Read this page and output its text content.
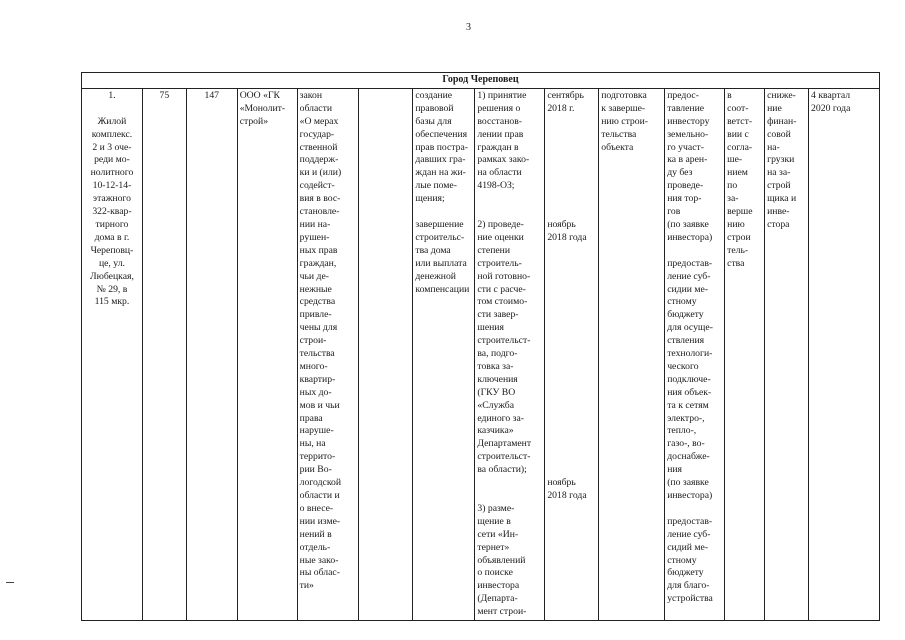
3
Город Череповец
1.

Жилой
комплекс.
2 и 3 оче-
реди мо-
нолитного
10-12-14-
этажного
322-квар-
тирного
дома в г.
Череповц-
це, ул.
Любецкая,
№ 29, в
115 мкр.	75	147	ООО «ГК
«Монолит-
строй»	закон
области
«О мерах
государ-
ственной
поддерж-
ки и (или)
содейст-
вия в вос-
становле-
нии на-
рушен-
ных прав
граждан,
чьи де-
нежные
средства
привле-
чены для
строи-
тельства
много-
квартир-
ных до-
мов и чьи
права
наруше-
ны, на
террито-
рии Во-
логодской
области и
о внесе-
нии изме-
нений в
отдель-
ные зако-
ны облас-
ти»		создание
правовой
базы для
обеспечения
прав постра-
давших гра-
ждан на жи-
лые поме-
щения;

завершение
строительс-
тва дома
или выплата
денежной
компенсации	1) принятие
решения о
восстанов-
лении прав
граждан в
рамках зако-
на области
4198-ОЗ;

2) проведе-
ние оценки
степени
строитель-
ной готовно-
сти с расче-
том стоимо-
сти завер-
шения
строительст-
ва, подго-
товка за-
ключения
(ГКУ ВО
«Служба
единого за-
казчика»
Департамент
строительст-
ва области);

3) разме-
щение в
сети «Ин-
тернет»
объявлений
о поиске
инвестора
(Департа-
мент строи-	сентябрь
2018 г.

ноябрь
2018 года

ноябрь
2018 года	подготовка
к заверше-
нию строи-
тельства
объекта	предос-
тавление
инвестору
земельно-
го участ-
ка в арен-
ду без
проведе-
ния тор-
гов
(по заявке
инвестора)

предостав-
ление суб-
сидии ме-
стному
бюджету
для осуще-
ствления
технологи-
ческого
подключе-
ния объек-
та к сетям
электро-,
тепло-,
газо-, во-
доснабже-
ния
(по заявке
инвестора)

предостав-
ление суб-
сидий ме-
стному
бюджету
для благо-
устройства	в
соот-
ветст-
вии с
согла-
ше-
нием
по
за-
верше
нию
строи
тель-
ства	сниже-
ние
финан-
совой
на-
грузки
на за-
строй
щика и
инве-
стора	4 квартал
2020 года
